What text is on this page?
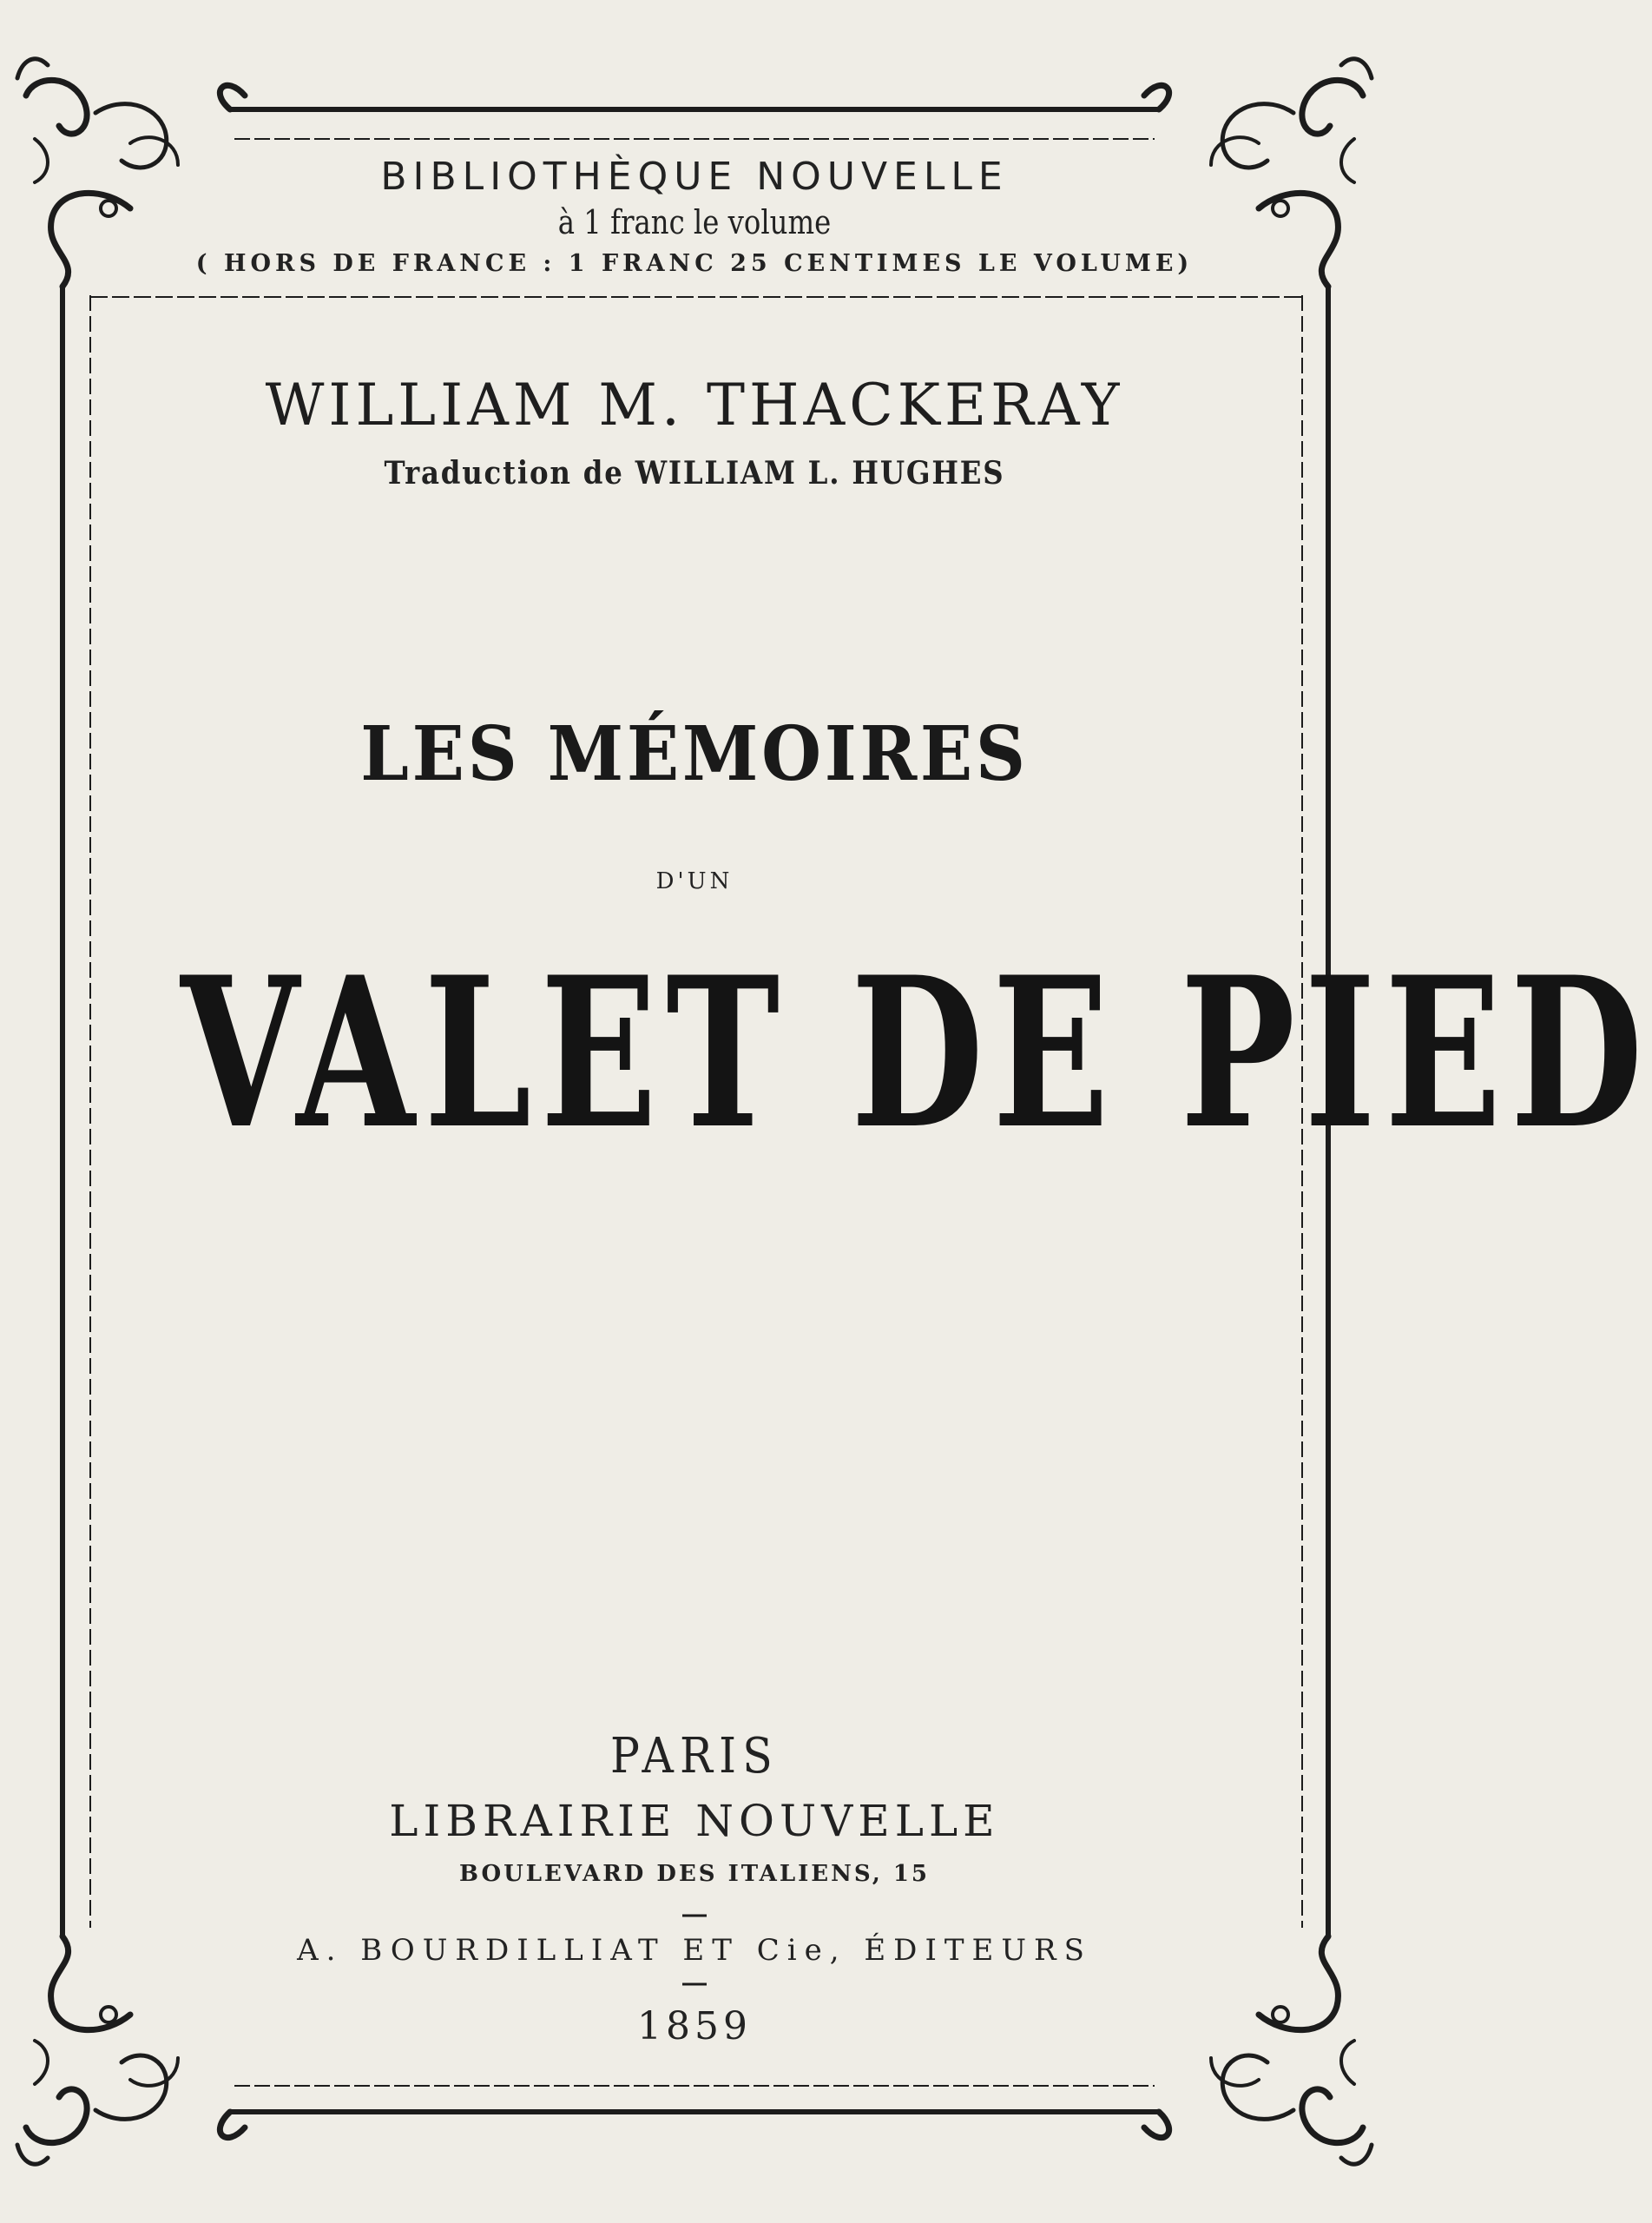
BIBLIOTHÈQUE NOUVELLE
à 1 franc le volume
( HORS DE FRANCE : 1 FRANC 25 CENTIMES LE VOLUME)
WILLIAM M. THACKERAY
Traduction de WILLIAM L. HUGHES
LES MÉMOIRES
D'UN
VALET DE PIED
PARIS
LIBRAIRIE NOUVELLE
BOULEVARD DES ITALIENS, 15
A. BOURDILLIAT ET Cie, ÉDITEURS
1859
